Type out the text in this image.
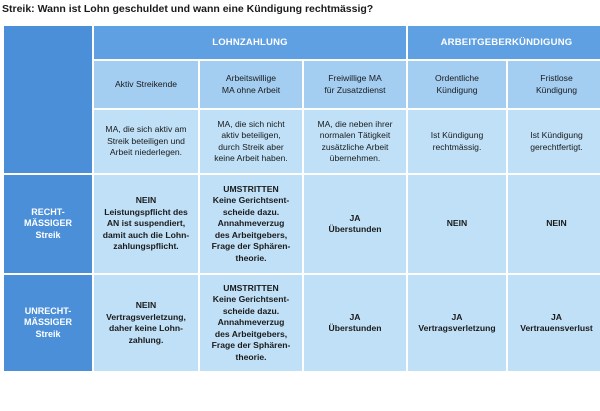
Streik: Wann ist Lohn geschuldet und wann eine Kündigung rechtmässig?
LOHNZAHLUNG	ARBEITGEBERKÜNDIGUNG
Aktiv Streikende
Arbeitswillige
MA ohne Arbeit
Freiwillige MA
für Zusatzdienst
Ordentliche
Kündigung
Fristlose
Kündigung
MA, die sich aktiv am
Streik beteiligen und
Arbeit niederlegen.
MA, die sich nicht
aktiv beteiligen,
durch Streik aber
keine Arbeit haben.
MA, die neben ihrer
normalen Tätigkeit
zusätzliche Arbeit
übernehmen.
Ist Kündigung
rechtmässig.
Ist Kündigung
gerechtfertigt.
RECHT-
MÄSSIGER
Streik
NEIN
Leistungspflicht des
AN ist suspendiert,
damit auch die Lohn-
zahlungspflicht.
UMSTRITTEN
Keine Gerichtsent-
scheide dazu.
Annahmeverzug
des Arbeitgebers,
Frage der Sphären-
theorie.
JA
Überstunden
NEIN	NEIN
UNRECHT-
MÄSSIGER
Streik
NEIN
Vertragsverletzung,
daher keine Lohn-
zahlung.
UMSTRITTEN
Keine Gerichtsent-
scheide dazu.
Annahmeverzug
des Arbeitgebers,
Frage der Sphären-
theorie.
JA
Überstunden
JA
Vertragsverletzung
JA
Vertrauensverlust
